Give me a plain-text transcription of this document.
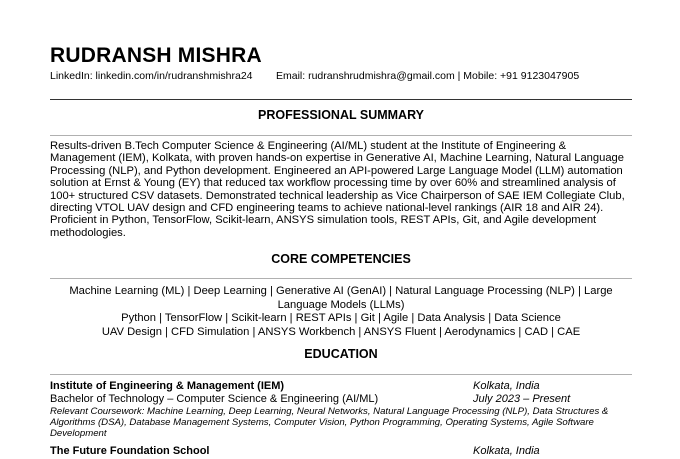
RUDRANSH MISHRA
LinkedIn: linkedin.com/in/rudranshmishra24 Email: rudranshrudmishra@gmail.com | Mobile: +91 9123047905
PROFESSIONAL SUMMARY
Results-driven B.Tech Computer Science & Engineering (AI/ML) student at the Institute of Engineering & Management (IEM), Kolkata, with proven hands-on expertise in Generative AI, Machine Learning, Natural Language Processing (NLP), and Python development. Engineered an API-powered Large Language Model (LLM) automation solution at Ernst & Young (EY) that reduced tax workflow processing time by over 60% and streamlined analysis of 100+ structured CSV datasets. Demonstrated technical leadership as Vice Chairperson of SAE IEM Collegiate Club, directing VTOL UAV design and CFD engineering teams to achieve national-level rankings (AIR 18 and AIR 24). Proficient in Python, TensorFlow, Scikit-learn, ANSYS simulation tools, REST APIs, Git, and Agile development methodologies.
CORE COMPETENCIES
Machine Learning (ML) | Deep Learning | Generative AI (GenAI) | Natural Language Processing (NLP) | Large Language Models (LLMs)
Python | TensorFlow | Scikit-learn | REST APIs | Git | Agile | Data Analysis | Data Science
UAV Design | CFD Simulation | ANSYS Workbench | ANSYS Fluent | Aerodynamics | CAD | CAE
EDUCATION
Institute of Engineering & Management (IEM)	Kolkata, India
Bachelor of Technology – Computer Science & Engineering (AI/ML)	July 2023 – Present
Relevant Coursework: Machine Learning, Deep Learning, Neural Networks, Natural Language Processing (NLP), Data Structures & Algorithms (DSA), Database Management Systems, Computer Vision, Python Programming, Operating Systems, Agile Software Development
The Future Foundation School	Kolkata, India
